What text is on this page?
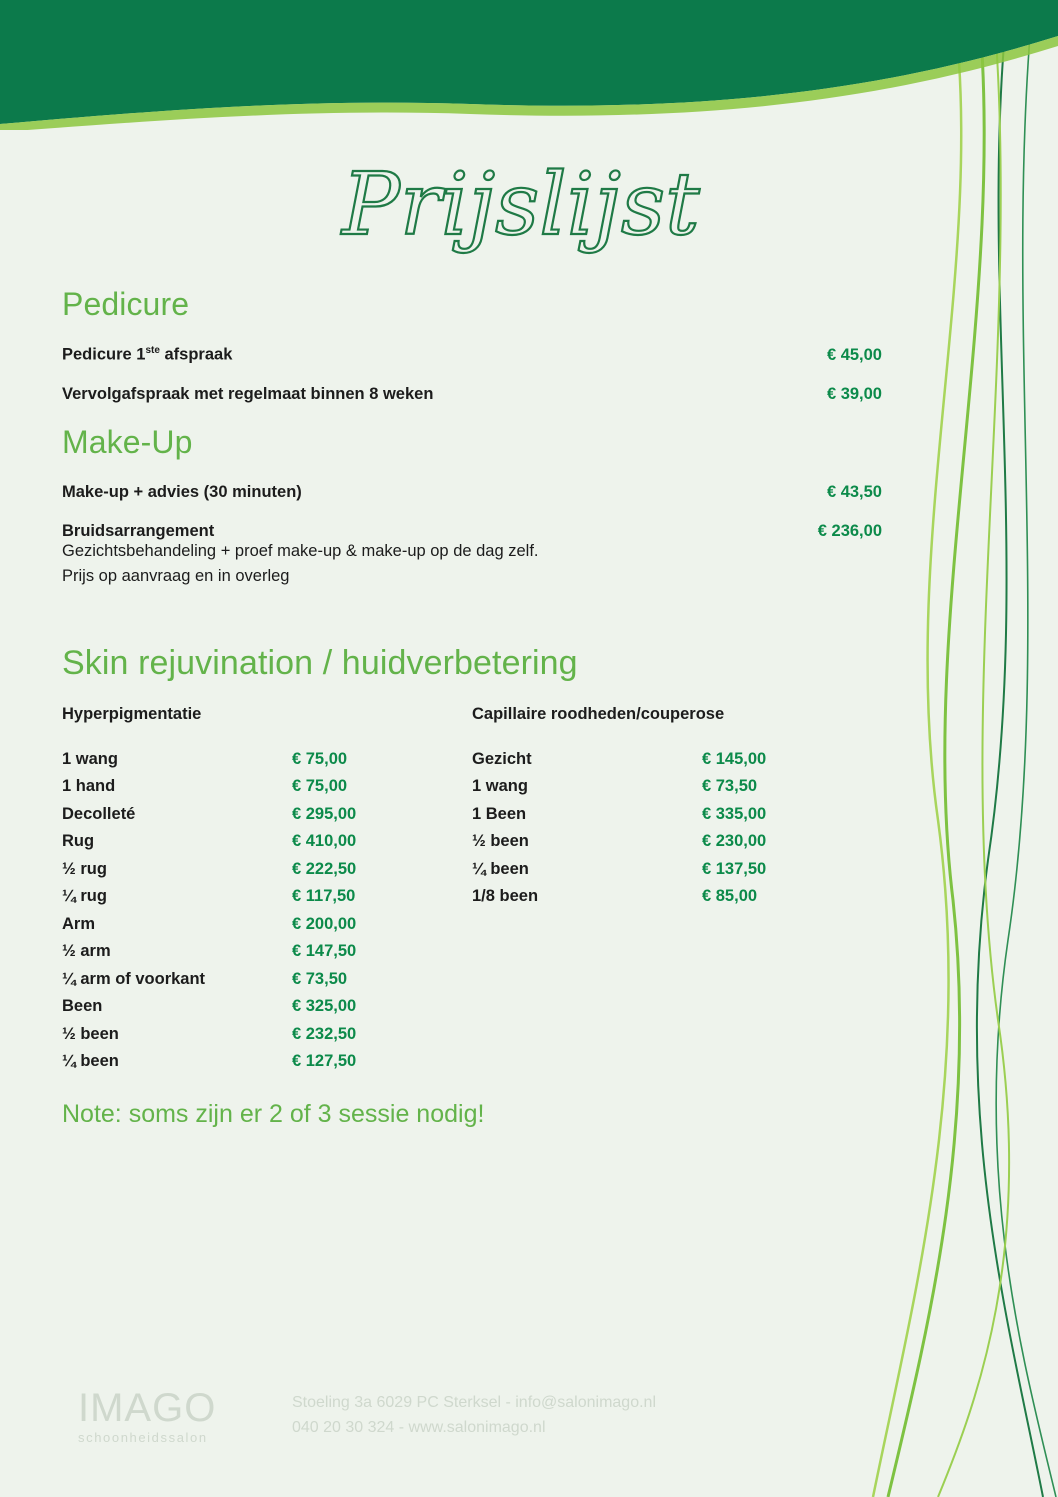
Prijslijst
Pedicure
Pedicure 1ste afspraak	€ 45,00
Vervolgafspraak met regelmaat binnen 8 weken	€ 39,00
Make-Up
Make-up + advies (30 minuten)	€ 43,50
Bruidsarrangement	€ 236,00
Gezichtsbehandeling + proef make-up & make-up op de dag zelf.
Prijs op aanvraag en in overleg
Skin rejuvination / huidverbetering
Hyperpigmentatie
1 wang	€ 75,00
1 hand	€ 75,00
Decolleté	€ 295,00
Rug	€ 410,00
½ rug	€ 222,50
¼ rug	€ 117,50
Arm	€ 200,00
½ arm	€ 147,50
¼ arm of voorkant	€ 73,50
Been	€ 325,00
½ been	€ 232,50
¼ been	€ 127,50
Capillaire roodheden/couperose
Gezicht	€ 145,00
1 wang	€ 73,50
1 Been	€ 335,00
½ been	€ 230,00
¼ been	€ 137,50
1/8 been	€ 85,00
Note: soms zijn er 2 of 3 sessie nodig!
IMAGO
schoonheidssalon
Stoeling 3a 6029 PC Sterksel - info@salonimago.nl
040 20 30 324 - www.salonimago.nl
